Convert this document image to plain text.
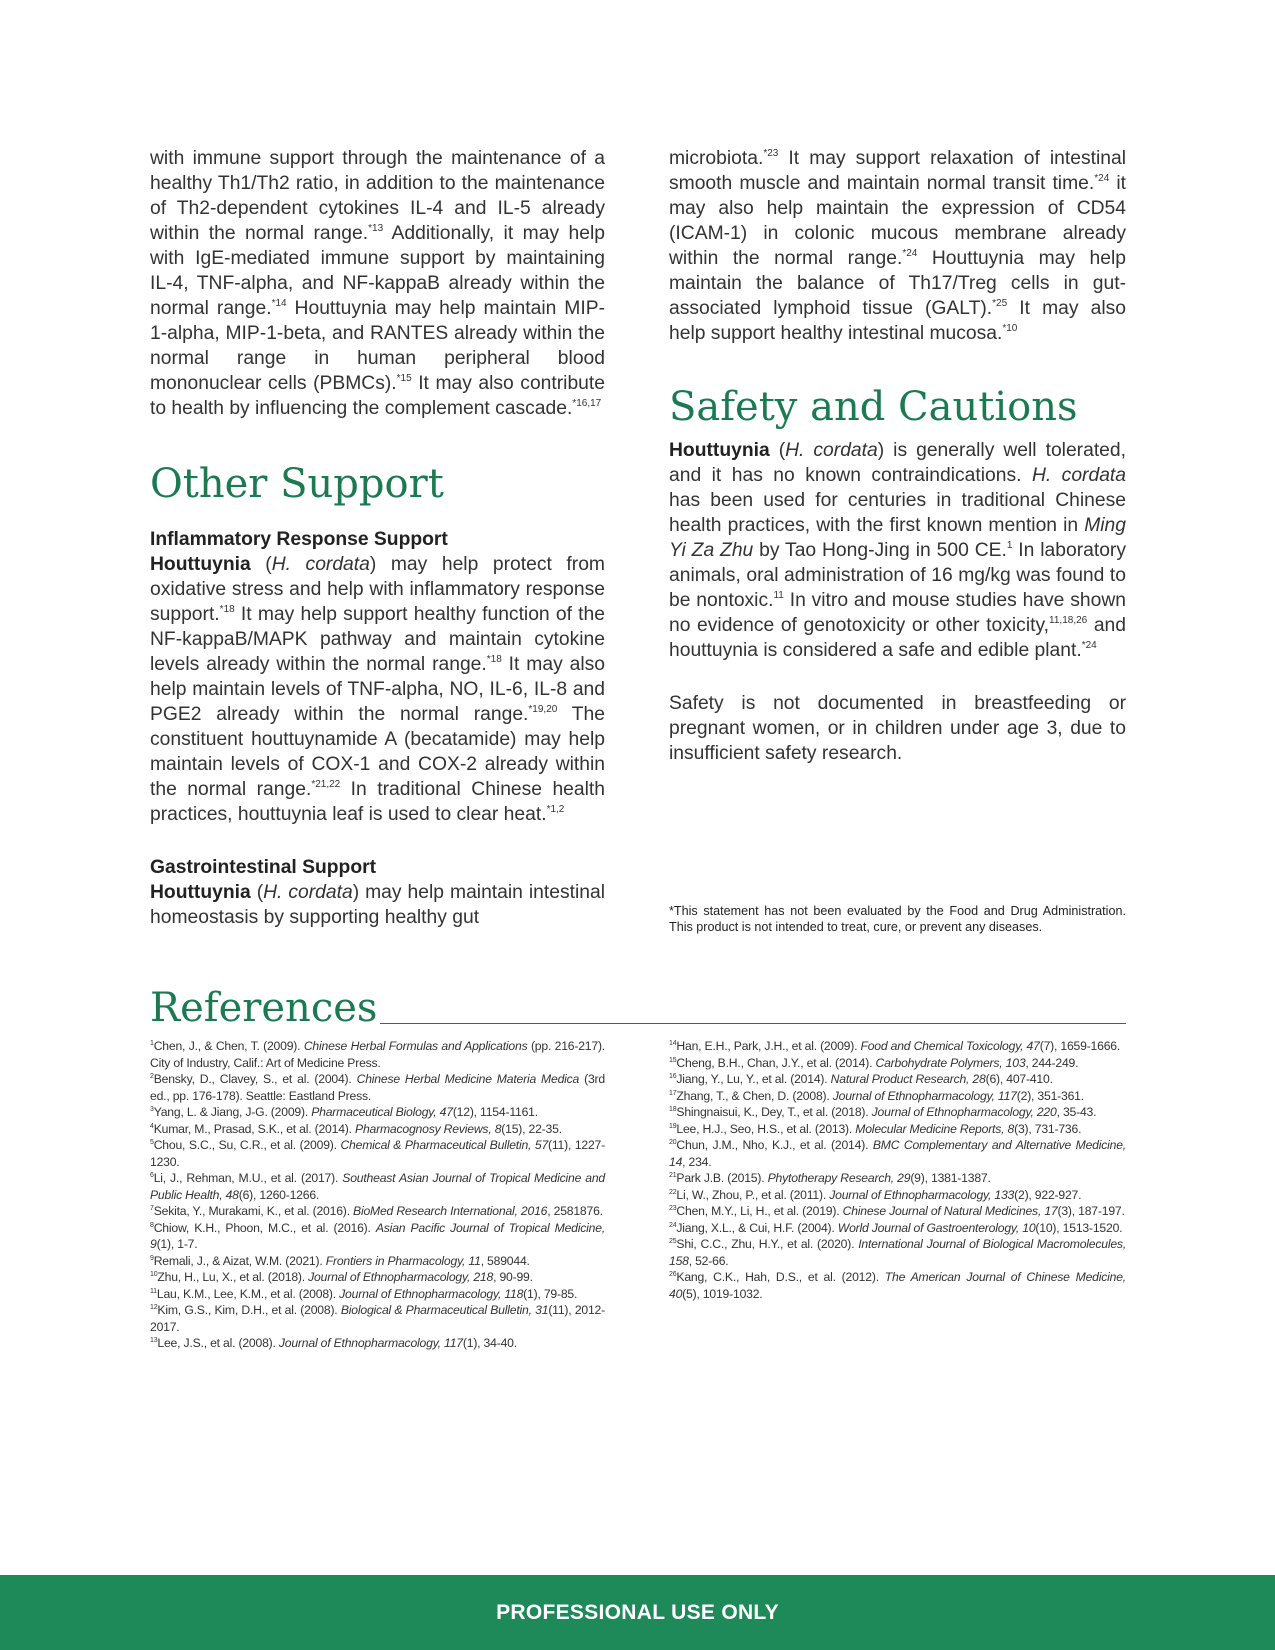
with immune support through the maintenance of a healthy Th1/Th2 ratio, in addition to the maintenance of Th2-dependent cytokines IL-4 and IL-5 already within the normal range.$^{*13}$ Additionally, it may help with IgE-mediated immune support by maintaining IL-4, TNF-alpha, and NF-kappaB already within the normal range.$^{*14}$ Houttuynia may help maintain MIP-1-alpha, MIP-1-beta, and RANTES already within the normal range in human peripheral blood mononuclear cells (PBMCs).$^{*15}$ It may also contribute to health by influencing the complement cascade.$^{*16,17}$

Other Support

Inflammatory Response Support

Houttuynia (H. cordata) may help protect from oxidative stress and help with inflammatory response support.$^{*18}$ It may help support healthy function of the NF-kappaB/MAPK pathway and maintain cytokine levels already within the normal range.$^{*18}$ It may also help maintain levels of TNF-alpha, NO, IL-6, IL-8 and PGE2 already within the normal range.$^{*19,20}$ The constituent houttuynamide A (becatamide) may help maintain levels of COX-1 and COX-2 already within the normal range.$^{*21,22}$ In traditional Chinese health practices, houttuynia leaf is used to clear heat.$^{*1,2}$

Gastrointestinal Support

Houttuynia (H. cordata) may help maintain intestinal homeostasis by supporting healthy gut

microbiota.$^{*23}$ It may support relaxation of intestinal smooth muscle and maintain normal transit time.$^{*24}$ it may also help maintain the expression of CD54 (ICAM-1) in colonic mucous membrane already within the normal range.$^{*24}$ Houttuynia may help maintain the balance of Th17/Treg cells in gut-associated lymphoid tissue (GALT).$^{*25}$ It may also help support healthy intestinal mucosa.$^{*10}$

Safety and Cautions

Houttuynia (H. cordata) is generally well tolerated, and it has no known contraindications. H. cordata has been used for centuries in traditional Chinese health practices, with the first known mention in Ming Yi Za Zhu by Tao Hong-Jing in 500 CE.$^1$ In laboratory animals, oral administration of 16 mg/kg was found to be nontoxic.$^{11}$ In vitro and mouse studies have shown no evidence of genotoxicity or other toxicity,$^{11,18,26}$ and houttuynia is considered a safe and edible plant.$^{*24}$

Safety is not documented in breastfeeding or pregnant women, or in children under age 3, due to insufficient safety research.

*This statement has not been evaluated by the Food and Drug Administration. This product is not intended to treat, cure, or prevent any diseases.

References

$^1$Chen, J., & Chen, T. (2009). Chinese Herbal Formulas and Applications (pp. 216-217). City of Industry, Calif.: Art of Medicine Press.

$^2$Bensky, D., Clavey, S., et al. (2004). Chinese Herbal Medicine Materia Medica (3rd ed., pp. 176-178). Seattle: Eastland Press.

$^3$Yang, L. & Jiang, J-G. (2009). Pharmaceutical Biology, 47(12), 1154-1161.

$^4$Kumar, M., Prasad, S.K., et al. (2014). Pharmacognosy Reviews, 8(15), 22-35.

$^5$Chou, S.C., Su, C.R., et al. (2009). Chemical & Pharmaceutical Bulletin, 57(11), 1227-1230.

$^6$Li, J., Rehman, M.U., et al. (2017). Southeast Asian Journal of Tropical Medicine and Public Health, 48(6), 1260-1266.

$^7$Sekita, Y., Murakami, K., et al. (2016). BioMed Research International, 2016, 2581876.

$^8$Chiow, K.H., Phoon, M.C., et al. (2016). Asian Pacific Journal of Tropical Medicine, 9(1), 1-7.

$^9$Remali, J., & Aizat, W.M. (2021). Frontiers in Pharmacology, 11, 589044.

$^{10}$Zhu, H., Lu, X., et al. (2018). Journal of Ethnopharmacology, 218, 90-99.

$^{11}$Lau, K.M., Lee, K.M., et al. (2008). Journal of Ethnopharmacology, 118(1), 79-85.

$^{12}$Kim, G.S., Kim, D.H., et al. (2008). Biological & Pharmaceutical Bulletin, 31(11), 2012-2017.

$^{13}$Lee, J.S., et al. (2008). Journal of Ethnopharmacology, 117(1), 34-40.

$^{14}$Han, E.H., Park, J.H., et al. (2009). Food and Chemical Toxicology, 47(7), 1659-1666.

$^{15}$Cheng, B.H., Chan, J.Y., et al. (2014). Carbohydrate Polymers, 103, 244-249.

$^{16}$Jiang, Y., Lu, Y., et al. (2014). Natural Product Research, 28(6), 407-410.

$^{17}$Zhang, T., & Chen, D. (2008). Journal of Ethnopharmacology, 117(2), 351-361.

$^{18}$Shingnaisui, K., Dey, T., et al. (2018). Journal of Ethnopharmacology, 220, 35-43.

$^{19}$Lee, H.J., Seo, H.S., et al. (2013). Molecular Medicine Reports, 8(3), 731-736.

$^{20}$Chun, J.M., Nho, K.J., et al. (2014). BMC Complementary and Alternative Medicine, 14, 234.

$^{21}$Park J.B. (2015). Phytotherapy Research, 29(9), 1381-1387.

$^{22}$Li, W., Zhou, P., et al. (2011). Journal of Ethnopharmacology, 133(2), 922-927.

$^{23}$Chen, M.Y., Li, H., et al. (2019). Chinese Journal of Natural Medicines, 17(3), 187-197.

$^{24}$Jiang, X.L., & Cui, H.F. (2004). World Journal of Gastroenterology, 10(10), 1513-1520.

$^{25}$Shi, C.C., Zhu, H.Y., et al. (2020). International Journal of Biological Macromolecules, 158, 52-66.

$^{26}$Kang, C.K., Hah, D.S., et al. (2012). The American Journal of Chinese Medicine, 40(5), 1019-1032.

PROFESSIONAL USE ONLY
